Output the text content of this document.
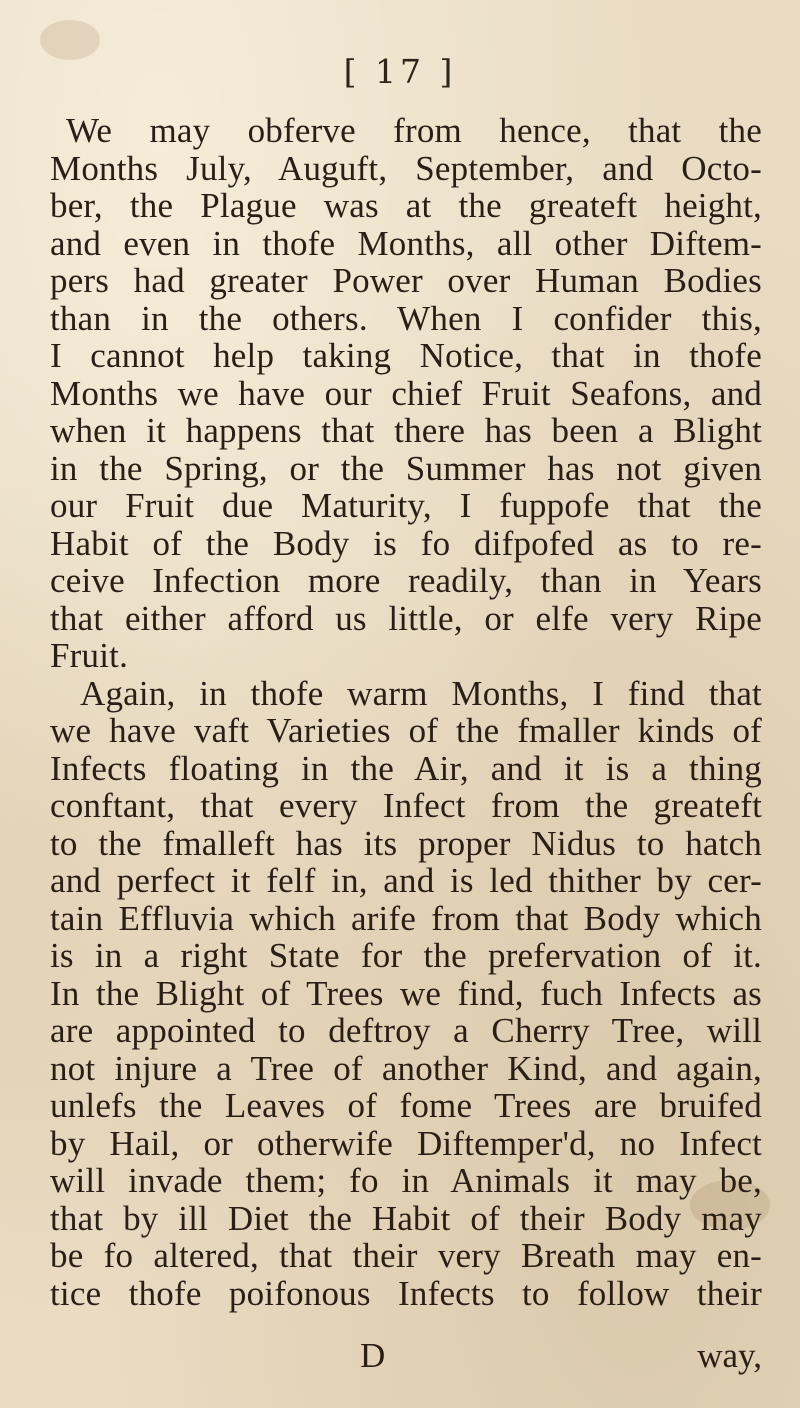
[ 17 ]
We may obferve from hence, that the
Months July, Auguft, September, and Octo-
ber, the Plague was at the greateft height,
and even in thofe Months, all other Diftem-
pers had greater Power over Human Bodies
than in the others. When I confider this,
I cannot help taking Notice, that in thofe
Months we have our chief Fruit Seafons, and
when it happens that there has been a Blight
in the Spring, or the Summer has not given
our Fruit due Maturity, I fuppofe that the
Habit of the Body is fo difpofed as to re-
ceive Infection more readily, than in Years
that either afford us little, or elfe very Ripe
Fruit.
Again, in thofe warm Months, I find that
we have vaft Varieties of the fmaller kinds of
Infects floating in the Air, and it is a thing
conftant, that every Infect from the greateft
to the fmalleft has its proper Nidus to hatch
and perfect it felf in, and is led thither by cer-
tain Effluvia which arife from that Body which
is in a right State for the prefervation of it.
In the Blight of Trees we find, fuch Infects as
are appointed to deftroy a Cherry Tree, will
not injure a Tree of another Kind, and again,
unlefs the Leaves of fome Trees are bruifed
by Hail, or otherwife Diftemper'd, no Infect
will invade them; fo in Animals it may be,
that by ill Diet the Habit of their Body may
be fo altered, that their very Breath may en-
tice thofe poifonous Infects to follow their
D	way,
